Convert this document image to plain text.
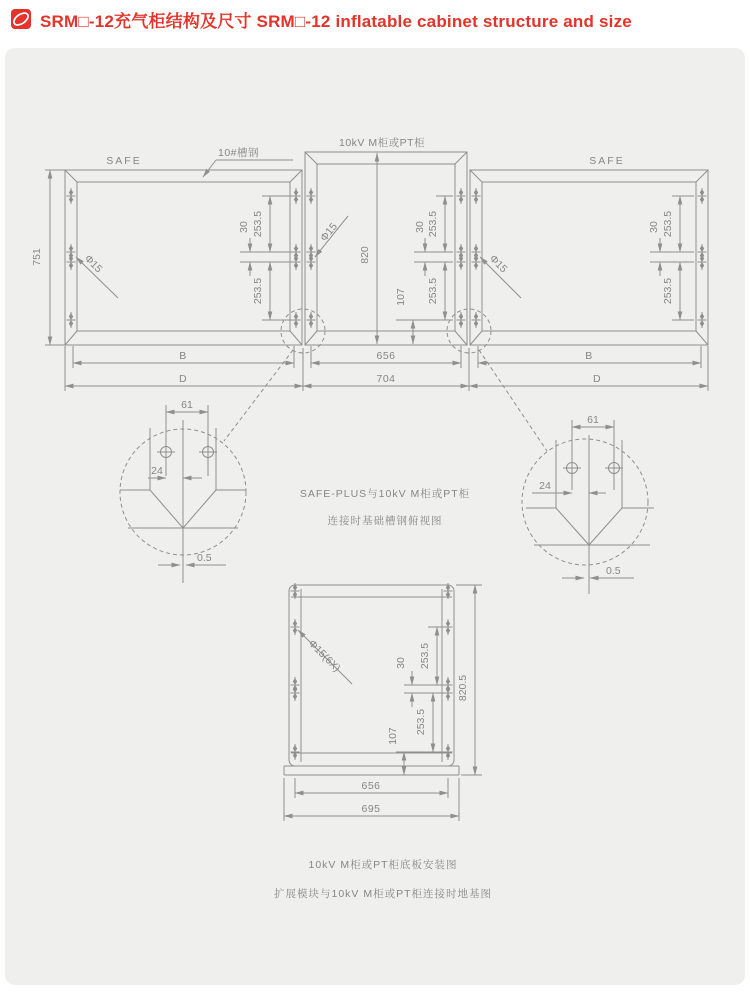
SRM□-12充气柜结构及尺寸 SRM□-12 inflatable cabinet structure and size
SAFE	SAFE
10kV M柜或PT柜
10#槽钢
751	820
253.5
30
253.5
253.5
30
253.5
107
253.5
30
253.5
Φ15
Φ15
Φ15
B	656	B
D	704	D
61
24
0.5
61
24
0.5
SAFE-PLUS与10kV M柜或PT柜
连接时基础槽钢俯视图
Φ15(6X)	253.5
30
253.5
107
820.5
656
695
10kV M柜或PT柜底板安装图
扩展模块与10kV M柜或PT柜连接时地基图
